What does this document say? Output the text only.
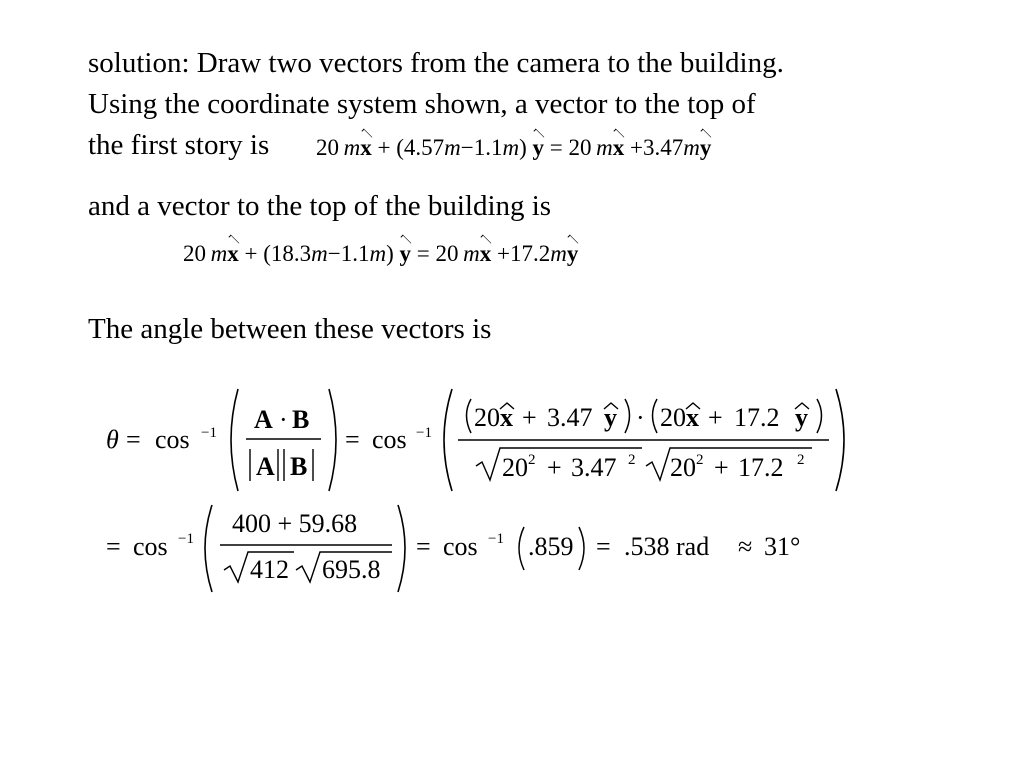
solution: Draw two vectors from the camera to the building.
Using the coordinate system shown, a vector to the top of
the first story is
and a vector to the top of the building is
The angle between these vectors is
20  mx + (4.57m−1.1m) y = 20  mx +3.47my
20  mx + (18.3m−1.1m) y = 20  mx +17.2my
θ = cos −1 A · B
A B
= cos −1
20 x + 3.47 y · 20 x + 17.2 y
20 2 + 3.47 2 20 2 + 17.2 2
= cos −1
400 + 59.68
412 695.8
= cos −1 .859 = .538 rad ≈ 31°
